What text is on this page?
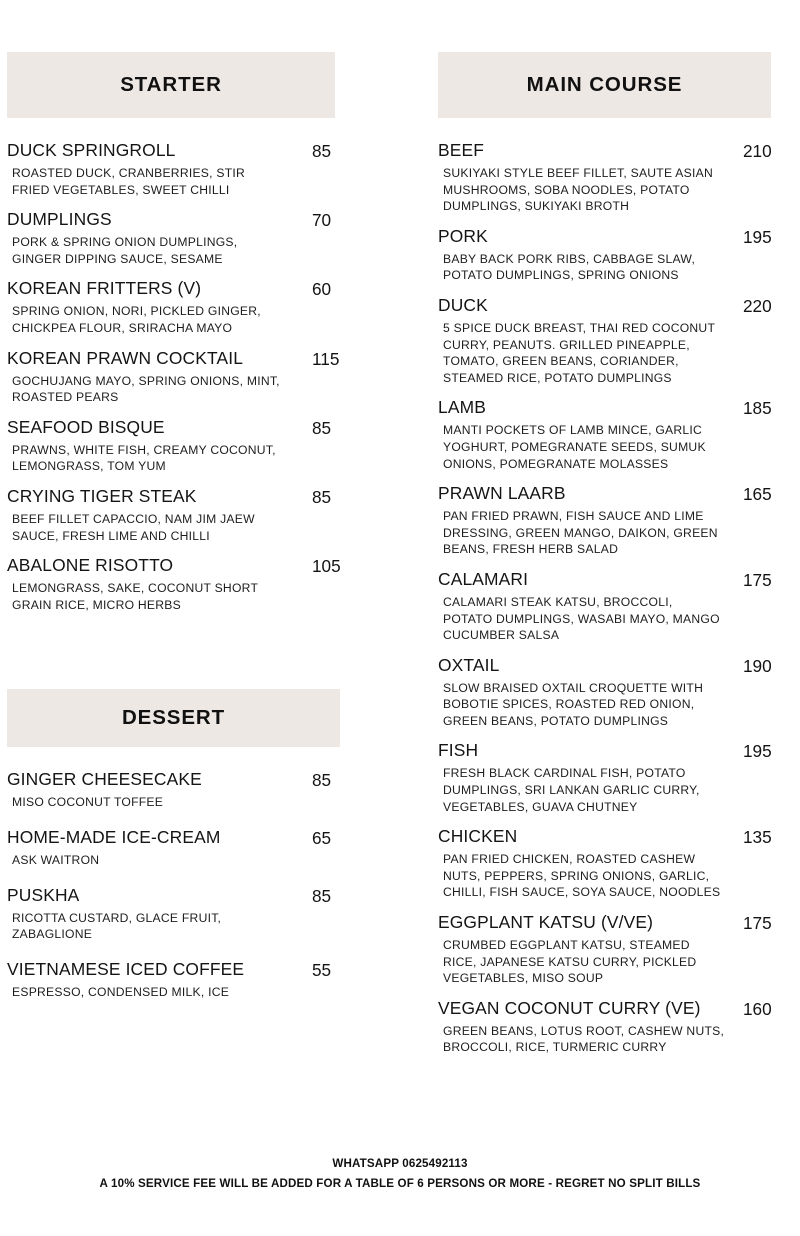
STARTER
DUCK SPRINGROLL	85
ROASTED DUCK, CRANBERRIES, STIR FRIED VEGETABLES, SWEET CHILLI
DUMPLINGS	70
PORK & SPRING ONION DUMPLINGS, GINGER DIPPING SAUCE, SESAME
KOREAN FRITTERS (V)	60
SPRING ONION, NORI, PICKLED GINGER, CHICKPEA FLOUR, SRIRACHA MAYO
KOREAN PRAWN COCKTAIL	115
GOCHUJANG MAYO, SPRING ONIONS, MINT, ROASTED PEARS
SEAFOOD BISQUE	85
PRAWNS, WHITE FISH, CREAMY COCONUT, LEMONGRASS, TOM YUM
CRYING TIGER STEAK	85
BEEF FILLET CAPACCIO, NAM JIM JAEW SAUCE, FRESH LIME AND CHILLI
ABALONE RISOTTO	105
LEMONGRASS, SAKE, COCONUT SHORT GRAIN RICE, MICRO HERBS
DESSERT
GINGER CHEESECAKE	85
MISO COCONUT TOFFEE
HOME-MADE ICE-CREAM	65
ASK WAITRON
PUSKHA	85
RICOTTA CUSTARD, GLACE FRUIT, ZABAGLIONE
VIETNAMESE ICED COFFEE	55
ESPRESSO, CONDENSED MILK, ICE
MAIN COURSE
BEEF	210
SUKIYAKI STYLE BEEF FILLET, SAUTE ASIAN MUSHROOMS, SOBA NOODLES, POTATO DUMPLINGS, SUKIYAKI BROTH
PORK	195
BABY BACK PORK RIBS, CABBAGE SLAW, POTATO DUMPLINGS, SPRING ONIONS
DUCK	220
5 SPICE DUCK BREAST, THAI RED COCONUT CURRY, PEANUTS. GRILLED PINEAPPLE, TOMATO, GREEN BEANS, CORIANDER, STEAMED RICE, POTATO DUMPLINGS
LAMB	185
MANTI POCKETS OF LAMB MINCE, GARLIC YOGHURT, POMEGRANATE SEEDS, SUMUK ONIONS, POMEGRANATE MOLASSES
PRAWN LAARB	165
PAN FRIED PRAWN, FISH SAUCE AND LIME DRESSING, GREEN MANGO, DAIKON, GREEN BEANS, FRESH HERB SALAD
CALAMARI	175
CALAMARI STEAK KATSU, BROCCOLI, POTATO DUMPLINGS, WASABI MAYO, MANGO CUCUMBER SALSA
OXTAIL	190
SLOW BRAISED OXTAIL CROQUETTE WITH BOBOTIE SPICES, ROASTED RED ONION, GREEN BEANS, POTATO DUMPLINGS
FISH	195
FRESH BLACK CARDINAL FISH, POTATO DUMPLINGS, SRI LANKAN GARLIC CURRY, VEGETABLES, GUAVA CHUTNEY
CHICKEN	135
PAN FRIED CHICKEN, ROASTED CASHEW NUTS, PEPPERS, SPRING ONIONS, GARLIC, CHILLI, FISH SAUCE, SOYA SAUCE, NOODLES
EGGPLANT KATSU (V/VE)	175
CRUMBED EGGPLANT KATSU, STEAMED RICE, JAPANESE KATSU CURRY, PICKLED VEGETABLES, MISO SOUP
VEGAN COCONUT CURRY (VE) 160
GREEN BEANS, LOTUS ROOT, CASHEW NUTS, BROCCOLI, RICE, TURMERIC CURRY
WHATSAPP 0625492113
A 10% SERVICE FEE WILL BE ADDED FOR A TABLE OF 6 PERSONS OR MORE - REGRET NO SPLIT BILLS
